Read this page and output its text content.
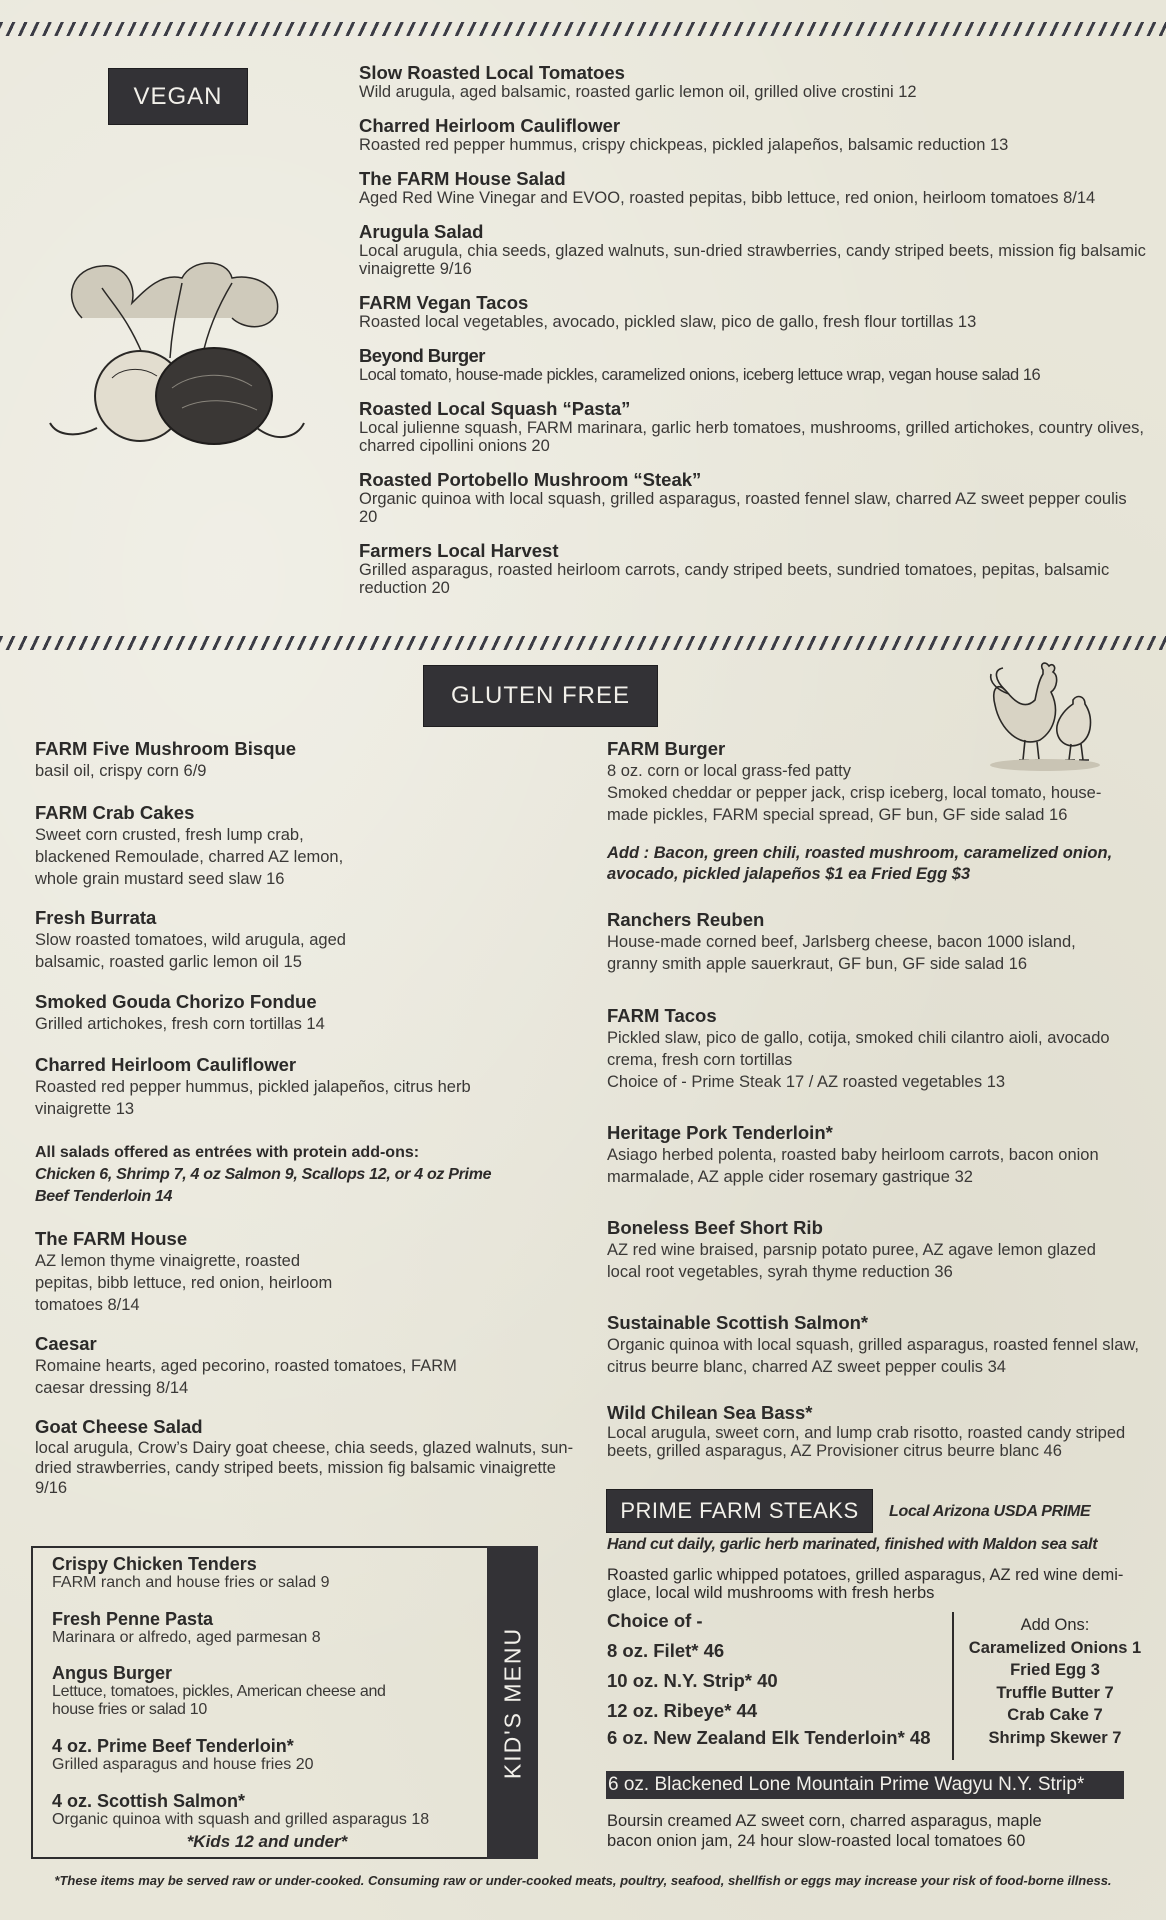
VEGAN
Slow Roasted Local Tomatoes
Wild arugula, aged balsamic, roasted garlic lemon oil, grilled olive crostini 12
Charred Heirloom Cauliflower
Roasted red pepper hummus, crispy chickpeas, pickled jalapeños, balsamic reduction 13
The FARM House Salad
Aged Red Wine Vinegar and EVOO, roasted pepitas, bibb lettuce, red onion, heirloom tomatoes 8/14
Arugula Salad
Local arugula, chia seeds, glazed walnuts, sun-dried strawberries, candy striped beets, mission fig balsamic vinaigrette 9/16
FARM Vegan Tacos
Roasted local vegetables, avocado, pickled slaw, pico de gallo, fresh flour tortillas 13
Beyond Burger
Local tomato, house-made pickles, caramelized onions, iceberg lettuce wrap, vegan house salad 16
Roasted Local Squash “Pasta”
Local julienne squash, FARM marinara, garlic herb tomatoes, mushrooms, grilled artichokes, country olives, charred cipollini onions 20
Roasted Portobello Mushroom “Steak”
Organic quinoa with local squash, grilled asparagus, roasted fennel slaw, charred AZ sweet pepper coulis 20
Farmers Local Harvest
Grilled asparagus, roasted heirloom carrots, candy striped beets, sundried tomatoes, pepitas, balsamic reduction 20
GLUTEN FREE
FARM Five Mushroom Bisque
basil oil, crispy corn 6/9
FARM Crab Cakes
Sweet corn crusted, fresh lump crab, blackened Remoulade, charred AZ lemon, whole grain mustard seed slaw 16
Fresh Burrata
Slow roasted tomatoes, wild arugula, aged balsamic, roasted garlic lemon oil 15
Smoked Gouda Chorizo Fondue
Grilled artichokes, fresh corn tortillas 14
Charred Heirloom Cauliflower
Roasted red pepper hummus, pickled jalapeños, citrus herb vinaigrette 13
All salads offered as entrées with protein add-ons:
Chicken 6, Shrimp 7, 4 oz Salmon 9, Scallops 12, or 4 oz Prime Beef Tenderloin 14
The FARM House
AZ lemon thyme vinaigrette, roasted pepitas, bibb lettuce, red onion, heirloom tomatoes 8/14
Caesar
Romaine hearts, aged pecorino, roasted tomatoes, FARM caesar dressing 8/14
Goat Cheese Salad
local arugula, Crow’s Dairy goat cheese, chia seeds, glazed walnuts, sun-dried strawberries, candy striped beets, mission fig balsamic vinaigrette 9/16
FARM Burger
8 oz. corn or local grass-fed patty
Smoked cheddar or pepper jack, crisp iceberg, local tomato, house-made pickles, FARM special spread, GF bun, GF side salad 16
Add : Bacon, green chili, roasted mushroom, caramelized onion, avocado, pickled jalapeños $1 ea Fried Egg $3
Ranchers Reuben
House-made corned beef, Jarlsberg cheese, bacon 1000 island, granny smith apple sauerkraut, GF bun, GF side salad 16
FARM Tacos
Pickled slaw, pico de gallo, cotija, smoked chili cilantro aioli, avocado crema, fresh corn tortillas
Choice of - Prime Steak 17 / AZ roasted vegetables 13
Heritage Pork Tenderloin*
Asiago herbed polenta, roasted baby heirloom carrots, bacon onion marmalade, AZ apple cider rosemary gastrique 32
Boneless Beef Short Rib
AZ red wine braised, parsnip potato puree, AZ agave lemon glazed local root vegetables, syrah thyme reduction 36
Sustainable Scottish Salmon*
Organic quinoa with local squash, grilled asparagus, roasted fennel slaw, citrus beurre blanc, charred AZ sweet pepper coulis 34
Wild Chilean Sea Bass*
Local arugula, sweet corn, and lump crab risotto, roasted candy striped beets, grilled asparagus, AZ Provisioner citrus beurre blanc 46
PRIME FARM STEAKS	Local Arizona USDA PRIME
Hand cut daily, garlic herb marinated, finished with Maldon sea salt
Roasted garlic whipped potatoes, grilled asparagus, AZ red wine demi-glace, local wild mushrooms with fresh herbs
Choice of -
8 oz. Filet* 46
10 oz. N.Y. Strip* 40
12 oz. Ribeye* 44
6 oz. New Zealand Elk Tenderloin* 48
Add Ons:
Caramelized Onions 1
Fried Egg 3
Truffle Butter 7
Crab Cake 7
Shrimp Skewer 7
6 oz. Blackened Lone Mountain Prime Wagyu N.Y. Strip*
Boursin creamed AZ sweet corn, charred asparagus, maple bacon onion jam, 24 hour slow-roasted local tomatoes 60
KID'S MENU
Crispy Chicken Tenders
FARM ranch and house fries or salad 9
Fresh Penne Pasta
Marinara or alfredo, aged parmesan 8
Angus Burger
Lettuce, tomatoes, pickles, American cheese and house fries or salad 10
4 oz. Prime Beef Tenderloin*
Grilled asparagus and house fries 20
4 oz. Scottish Salmon*
Organic quinoa with squash and grilled asparagus 18
*Kids 12 and under*
*These items may be served raw or under-cooked. Consuming raw or under-cooked meats, poultry, seafood, shellfish or eggs may increase your risk of food-borne illness.
